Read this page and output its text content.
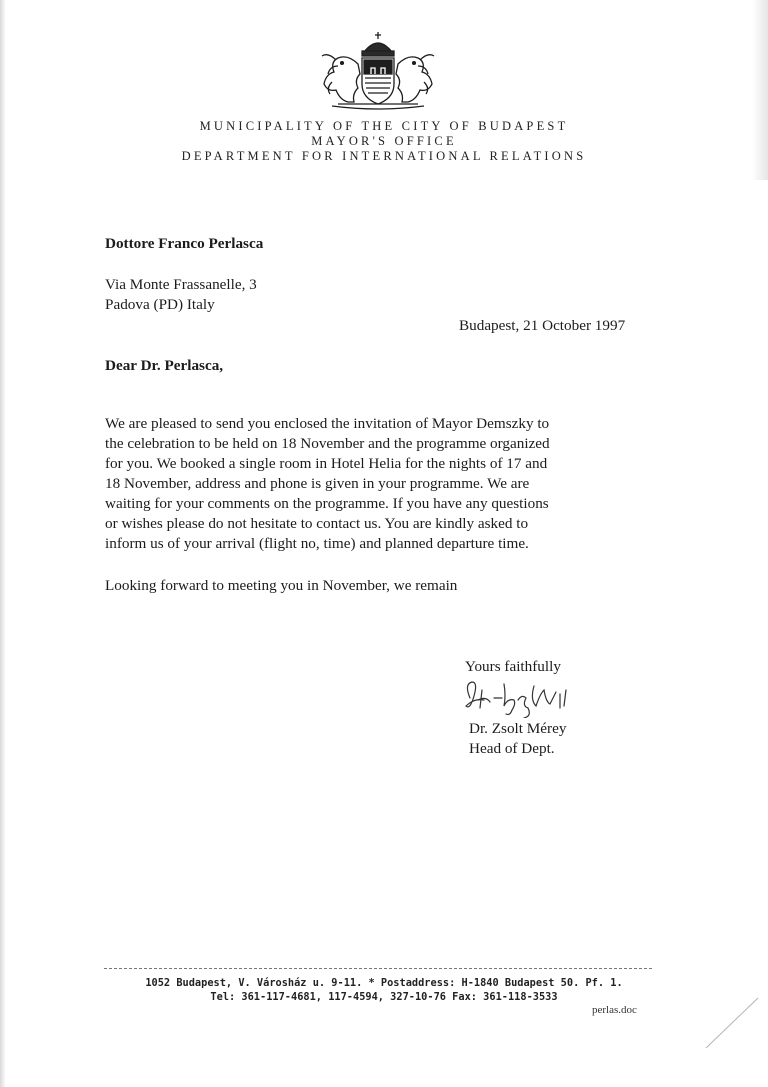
MUNICIPALITY OF THE CITY OF BUDAPEST
MAYOR'S OFFICE
DEPARTMENT FOR INTERNATIONAL RELATIONS
Dottore Franco Perlasca
Via Monte Frassanelle, 3
Padova (PD) Italy
Budapest, 21 October 1997
Dear Dr. Perlasca,
We are pleased to send you enclosed the invitation of Mayor Demszky to
the celebration to be held on 18 November and the programme organized
for you. We booked a single room in Hotel Helia for the nights of 17 and
18 November, address and phone is given in your programme. We are
waiting for your comments on the programme. If you have any questions
or wishes please do not hesitate to contact us. You are kindly asked to
inform us of your arrival (flight no, time) and planned departure time.
Looking forward to meeting you in November, we remain
Yours faithfully
Dr. Zsolt Mérey
Head of Dept.
1052 Budapest, V. Városház u. 9-11. * Postaddress: H-1840 Budapest 50. Pf. 1.
Tel: 361-117-4681, 117-4594, 327-10-76 Fax: 361-118-3533
perlas.doc
